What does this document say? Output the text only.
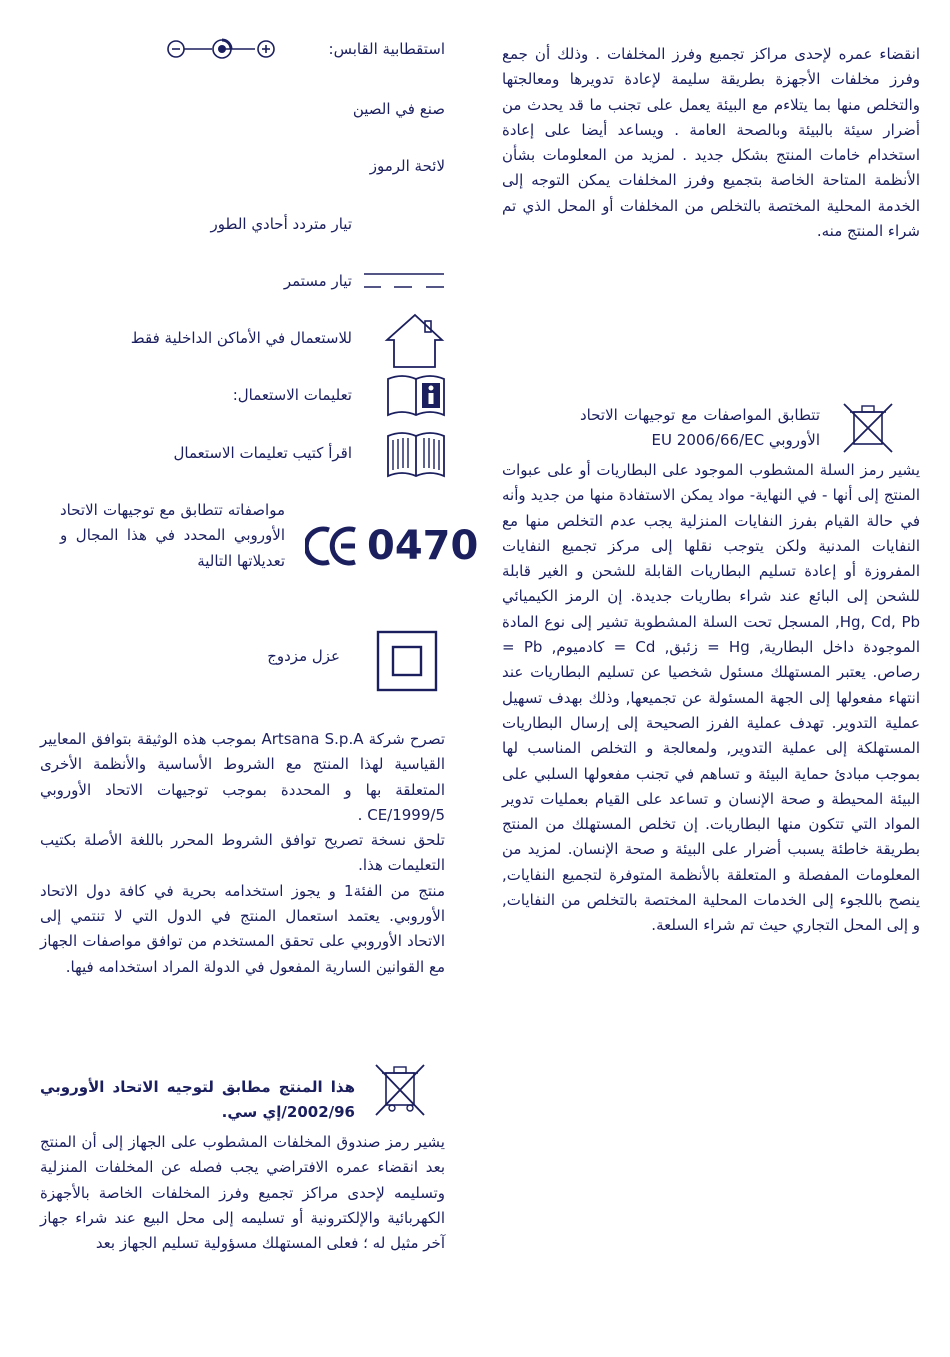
استقطابية القابس:
صنع في الصين
لائحة الرموز
تيار متردد أحادي الطور
تيار مستمر
للاستعمال في الأماكن الداخلية فقط
تعليمات الاستعمال:
اقرأ كتيب تعليمات الاستعمال
مواصفاته تتطابق مع توجيهات الاتحاد الأوروبي المحدد في هذا المجال و تعديلاتها التالية 0470
عزل مزدوج

تصرح شركة Artsana S.p.A بموجب هذه الوثيقة بتوافق المعايير القياسية لهذا المنتج مع الشروط الأساسية والأنظمة الأخرى المتعلقة بها و المحددة بموجب توجيهات الاتحاد الأوروبي CE/1999/5 .

تلحق نسخة تصريح توافق الشروط المحرر باللغة الأصلة بكتيب التعليمات هذا.

منتج من الفئة1 و يجوز استخدامه بحرية في كافة دول الاتحاد الأوروبي. يعتمد استعمال المنتج في الدول التي لا تنتمي إلى الاتحاد الأوروبي على تحقق المستخدم من توافق مواصفات الجهاز مع القوانين السارية المفعول في الدولة المراد استخدامه فيها.

هذا المنتج مطابق لتوجيه الاتحاد الأوروبي 2002/96/إي سي.

يشير رمز صندوق المخلفات المشطوب على الجهاز إلى أن المنتج بعد انقضاء عمره الافتراضي يجب فصله عن المخلفات المنزلية وتسليمه لإحدى مراكز تجميع وفرز المخلفات الخاصة بالأجهزة الكهربائية والإلكترونية أو تسليمه إلى محل البيع عند شراء جهاز آخر مثيل له ؛ فعلى المستهلك مسؤولية تسليم الجهاز بعد

انقضاء عمره لإحدى مراكز تجميع وفرز المخلفات . وذلك أن جمع وفرز مخلفات الأجهزة بطريقة سليمة لإعادة تدويرها ومعالجتها والتخلص منها بما يتلاءم مع البيئة يعمل على تجنب ما قد يحدث من أضرار سيئة بالبيئة وبالصحة العامة . ويساعد أيضا على إعادة استخدام خامات المنتج بشكل جديد . لمزيد من المعلومات بشأن الأنظمة المتاحة الخاصة بتجميع وفرز المخلفات يمكن التوجه إلى الخدمة المحلية المختصة بالتخلص من المخلفات أو المحل الذي تم شراء المنتج منه.

تتطابق المواصفات مع توجيهات الاتحاد الأوروبي EU 2006/66/EC

يشير رمز السلة المشطوب الموجود على البطاريات أو على عبوات المنتج إلى أنها - في النهاية- مواد يمكن الاستفادة منها من جديد وأنه في حالة القيام بفرز النفايات المنزلية يجب عدم التخلص منها مع النفايات المدنية ولكن يتوجب نقلها إلى مركز تجميع النفايات المفروزة أو إعادة تسليم البطاريات القابلة للشحن و الغير قابلة للشحن إلى البائع عند شراء بطاريات جديدة. إن الرمز الكيميائي Hg, Cd, Pb, المسجل تحت السلة المشطوبة تشير إلى نوع المادة الموجودة داخل البطارية, Hg = زئبق, Cd = كادميوم, Pb = رصاص. يعتبر المستهلك مسئول شخصيا عن تسليم البطاريات عند انتهاء مفعولها إلى الجهة المسئولة عن تجميعها, وذلك بهدف تسهيل عملية التدوير. تهدف عملية الفرز الصحيحة إلى إرسال البطاريات المستهلكة إلى عملية التدوير, ولمعالجة و التخلص المناسب لها بموجب مبادئ حماية البيئة و تساهم في تجنب مفعولها السلبي على البيئة المحيطة و صحة الإنسان و تساعد على القيام بعمليات تدوير المواد التي تتكون منها البطاريات. إن تخلص المستهلك من المنتج بطريقة خاطئة يسبب أضرار على البيئة و صحة الإنسان. لمزيد من المعلومات المفصلة و المتعلقة بالأنظمة المتوفرة لتجميع النفايات, ينصح باللجوء إلى الخدمات المحلية المختصة بالتخلص من النفايات, و إلى المحل التجاري حيث تم شراء السلعة.
